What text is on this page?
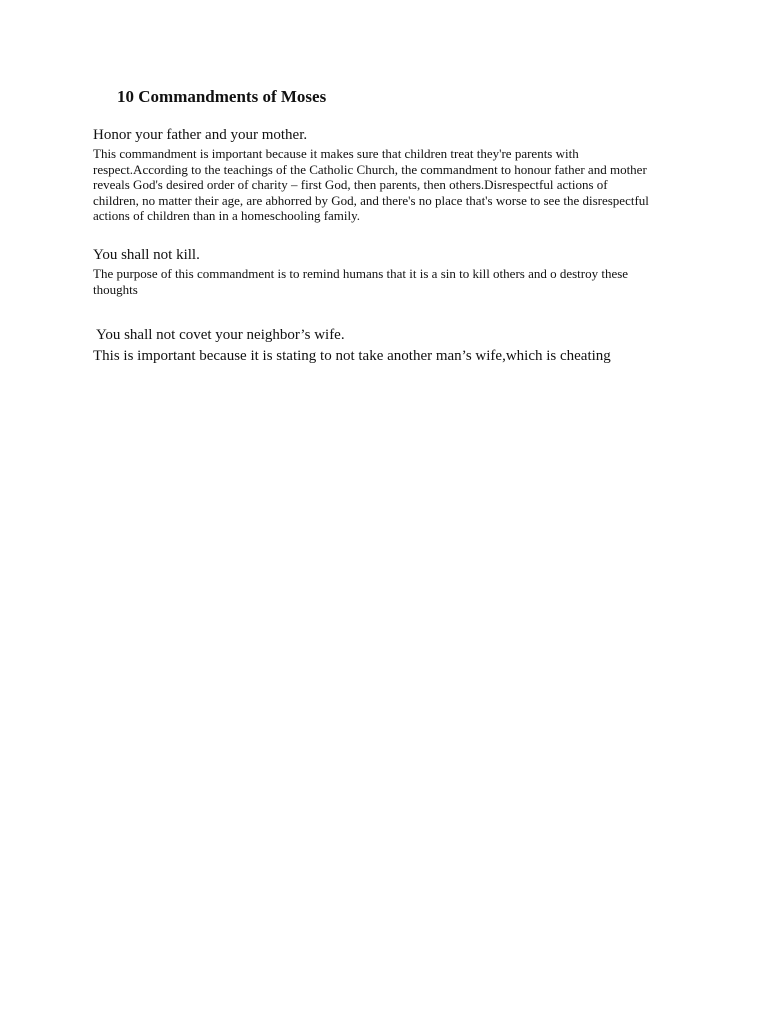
10 Commandments of Moses
Honor your father and your mother.
This commandment is important because it makes sure that children treat they're parents with respect.According to the teachings of the Catholic Church, the commandment to honour father and mother reveals God's desired order of charity – first God, then parents, then others.Disrespectful actions of children, no matter their age, are abhorred by God, and there's no place that's worse to see the disrespectful actions of children than in a homeschooling family.
You shall not kill.
The purpose of this commandment is to remind humans that it is a sin to kill others and o destroy these thoughts
You shall not covet your neighbor’s wife.
This is important because it is stating to not take another man’s wife,which is cheating
